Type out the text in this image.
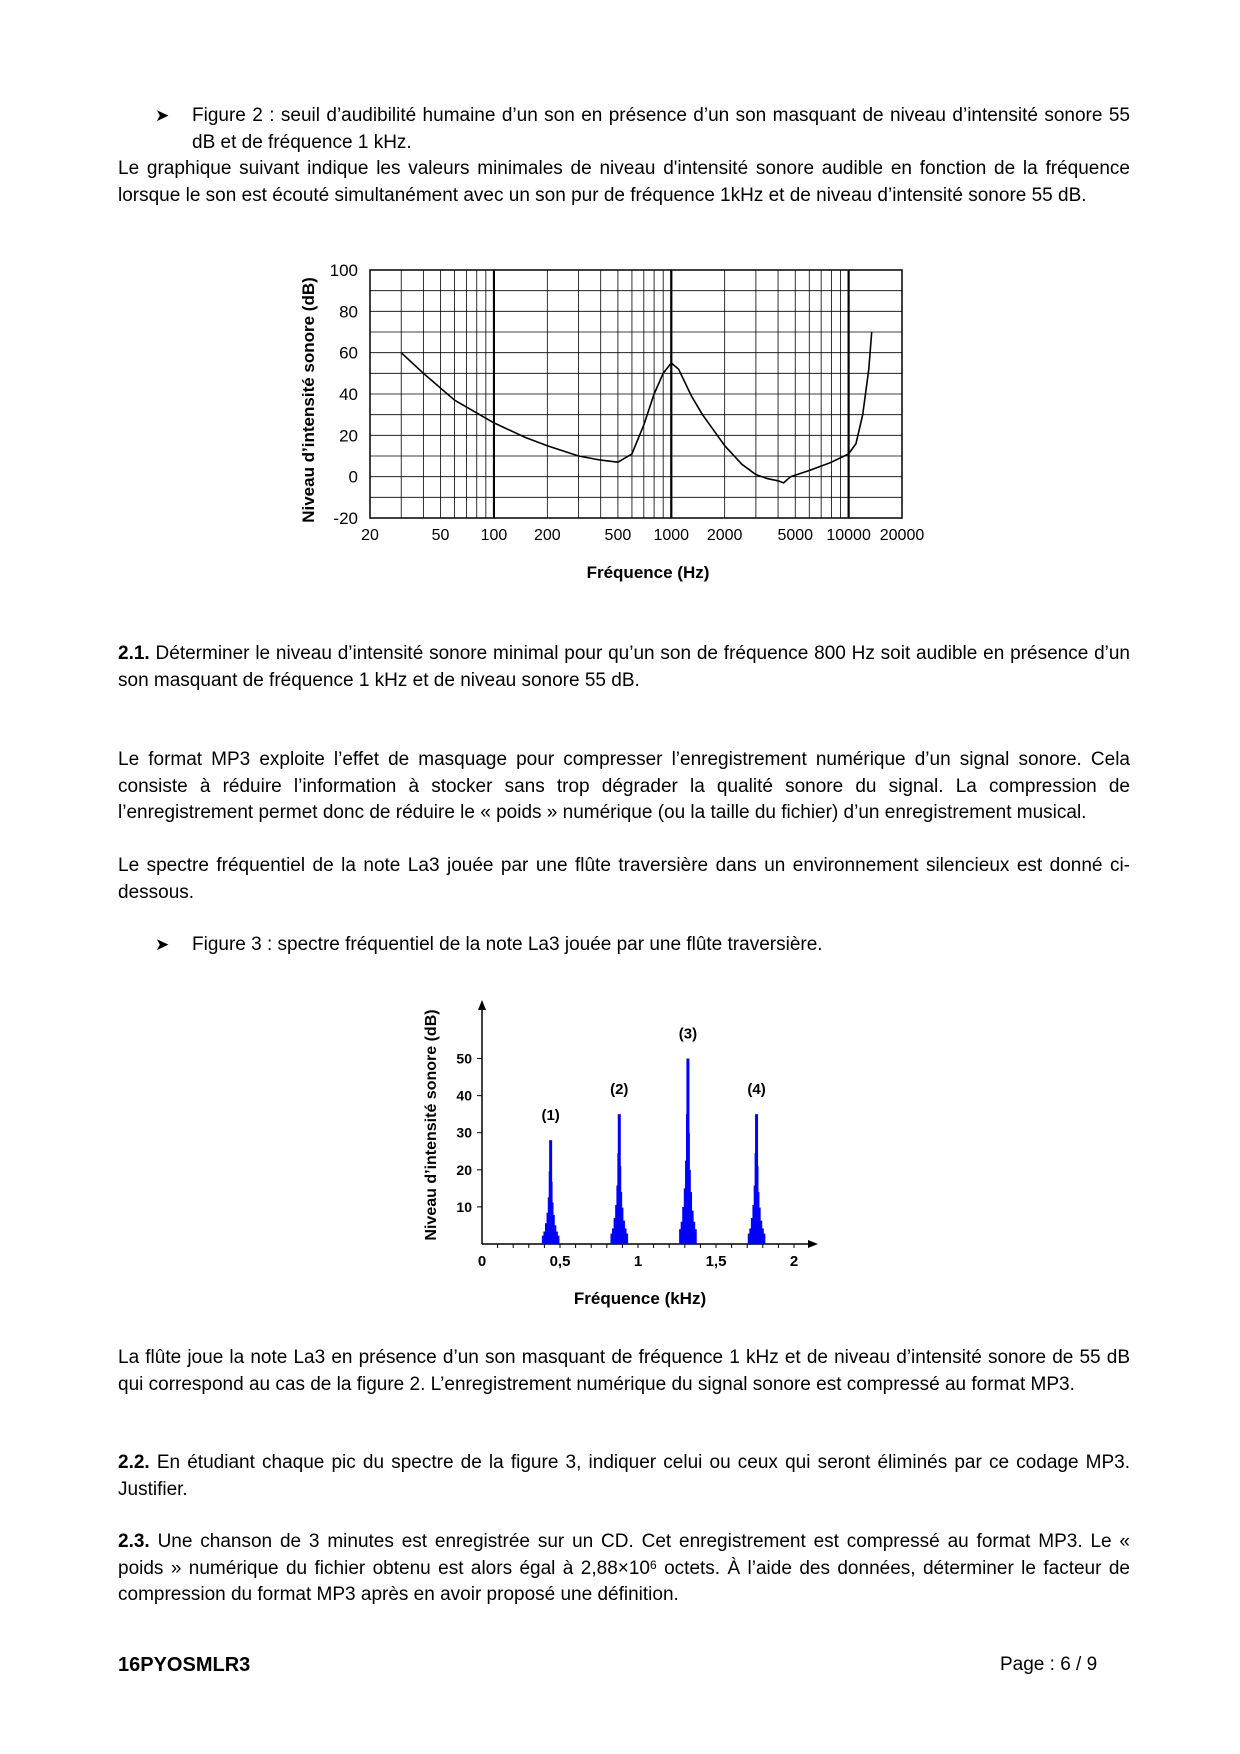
➤ Figure 2 : seuil d’audibilité humaine d’un son en présence d’un son masquant de niveau d’intensité sonore 55 dB et de fréquence 1 kHz.

Le graphique suivant indique les valeurs minimales de niveau d'intensité sonore audible en fonction de la fréquence lorsque le son est écouté simultanément avec un son pur de fréquence 1kHz et de niveau d’intensité sonore 55 dB.

-20
0
20
40
60
80
100
20	50 100 200	500 1000 2000 5000 10000 20000
Niveau d’intensité sonore (dB)
Fréquence (Hz)

2.1. Déterminer le niveau d’intensité sonore minimal pour qu’un son de fréquence 800 Hz soit audible en présence d’un son masquant de fréquence 1 kHz et de niveau sonore 55 dB.

Le format MP3 exploite l’effet de masquage pour compresser l’enregistrement numérique d’un signal sonore. Cela consiste à réduire l’information à stocker sans trop dégrader la qualité sonore du signal. La compression de l’enregistrement permet donc de réduire le « poids » numérique (ou la taille du fichier) d’un enregistrement musical.

Le spectre fréquentiel de la note La3 jouée par une flûte traversière dans un environnement silencieux est donné ci-dessous.

➤ Figure 3 : spectre fréquentiel de la note La3 jouée par une flûte traversière.
10
20
30
40
50
0	0,5	1	1,5	2
(1)
(2)
(3)
(4)
Niveau d’intensité sonore (dB)
Fréquence (kHz)

La flûte joue la note La3 en présence d’un son masquant de fréquence 1 kHz et de niveau d’intensité sonore de 55 dB qui correspond au cas de la figure 2. L’enregistrement numérique du signal sonore est compressé au format MP3.

2.2. En étudiant chaque pic du spectre de la figure 3, indiquer celui ou ceux qui seront éliminés par ce codage MP3. Justifier.

2.3. Une chanson de 3 minutes est enregistrée sur un CD. Cet enregistrement est compressé au format MP3. Le « poids » numérique du fichier obtenu est alors égal à $2,88\times 10^6$ octets. À l’aide des données, déterminer le facteur de compression du format MP3 après en avoir proposé une définition.

16PYOSMLR3	Page : 6 / 9
